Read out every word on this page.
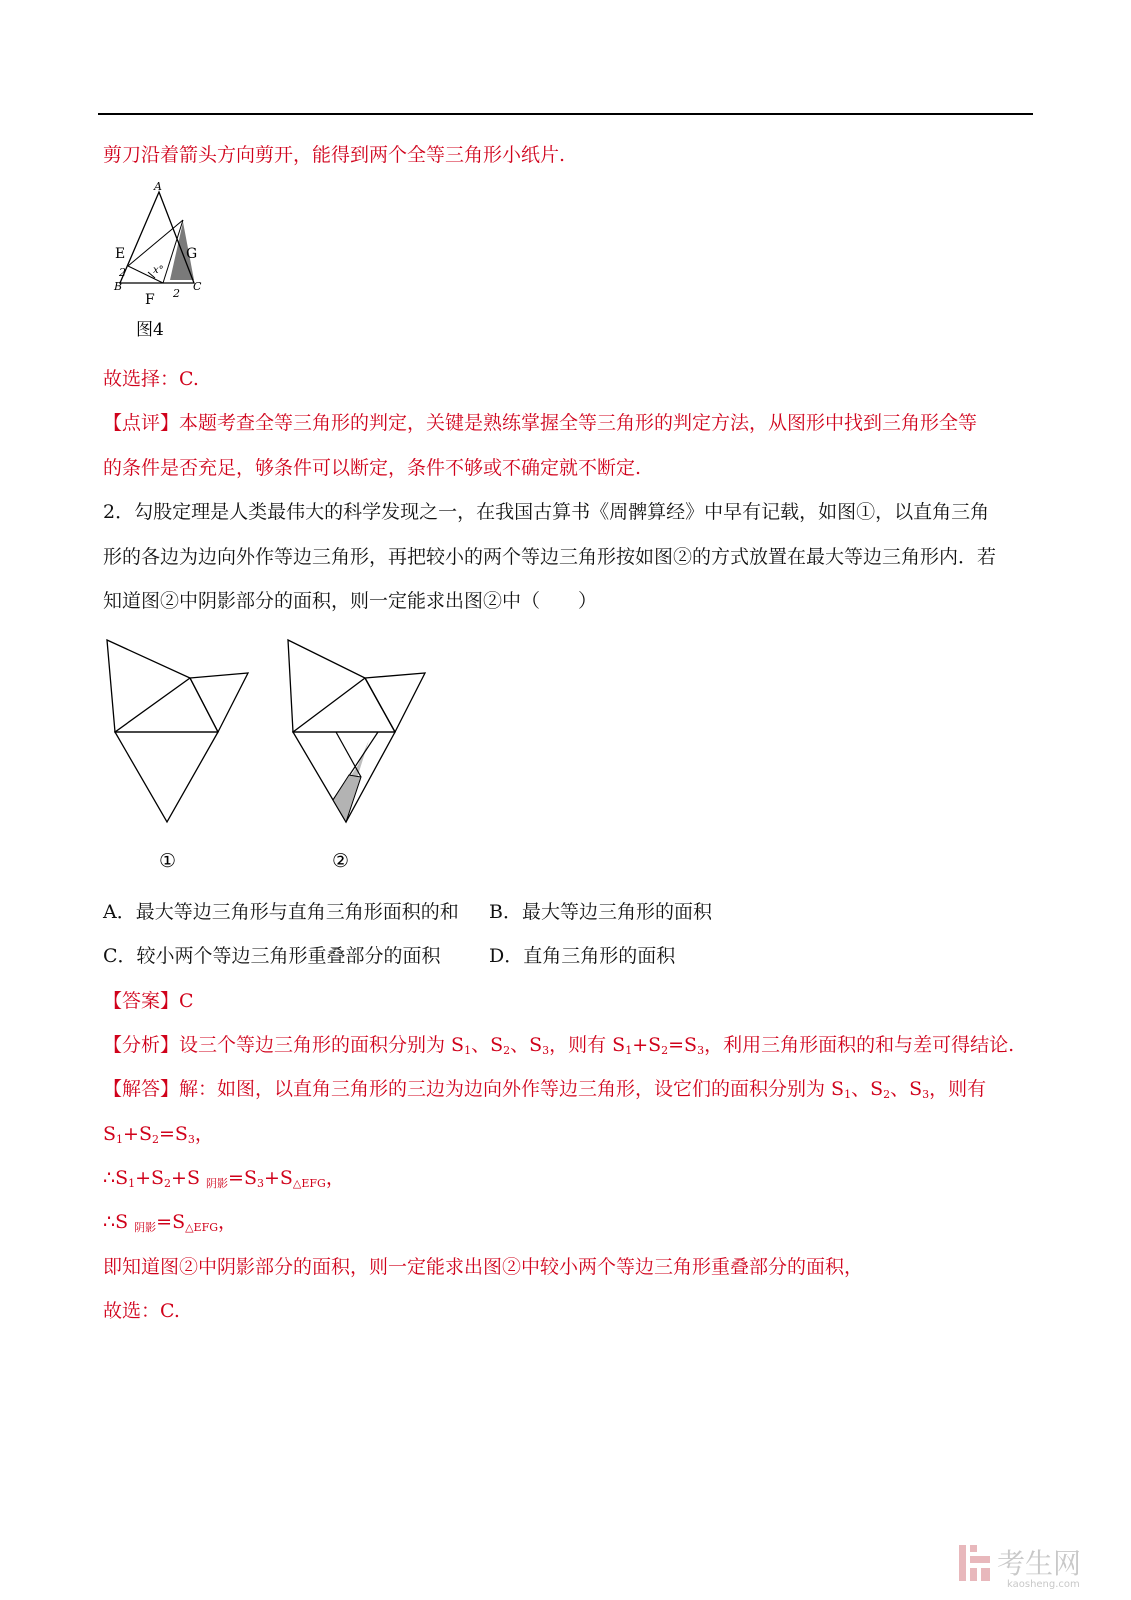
剪刀沿着箭头方向剪开，能得到两个全等三角形小纸片.
A
E	G
2	x°
B
2
C
F
图4
故选择：C.
【点评】本题考查全等三角形的判定，关键是熟练掌握全等三角形的判定方法，从图形中找到三角形全等
的条件是否充足，够条件可以断定，条件不够或不确定就不断定.
2．勾股定理是人类最伟大的科学发现之一，在我国古算书《周髀算经》中早有记载，如图①，以直角三角
形的各边为边向外作等边三角形，再把较小的两个等边三角形按如图②的方式放置在最大等边三角形内．若
知道图②中阴影部分的面积，则一定能求出图②中（　　）
①	②
A．最大等边三角形与直角三角形面积的和 B．最大等边三角形的面积
C．较小两个等边三角形重叠部分的面积	D．直角三角形的面积
【答案】C
【分析】设三个等边三角形的面积分别为 $S_1$、$S_2$、$S_3$，则有 $S_1+S_2=S_3$，利用三角形面积的和与差可得结论.
【解答】解：如图，以直角三角形的三边为边向外作等边三角形，设它们的面积分别为 $S_1$、$S_2$、$S_3$，则有
$S_1+S_2=S_3$，
$\therefore S_1+S_2+S$ $_{阴影}=S_3+S_{\triangle EFG}$，
∴S $_{阴影}=S_{\triangle EFG}$，
即知道图②中阴影部分的面积，则一定能求出图②中较小两个等边三角形重叠部分的面积，
故选：C.
考生网
kaosheng.com
